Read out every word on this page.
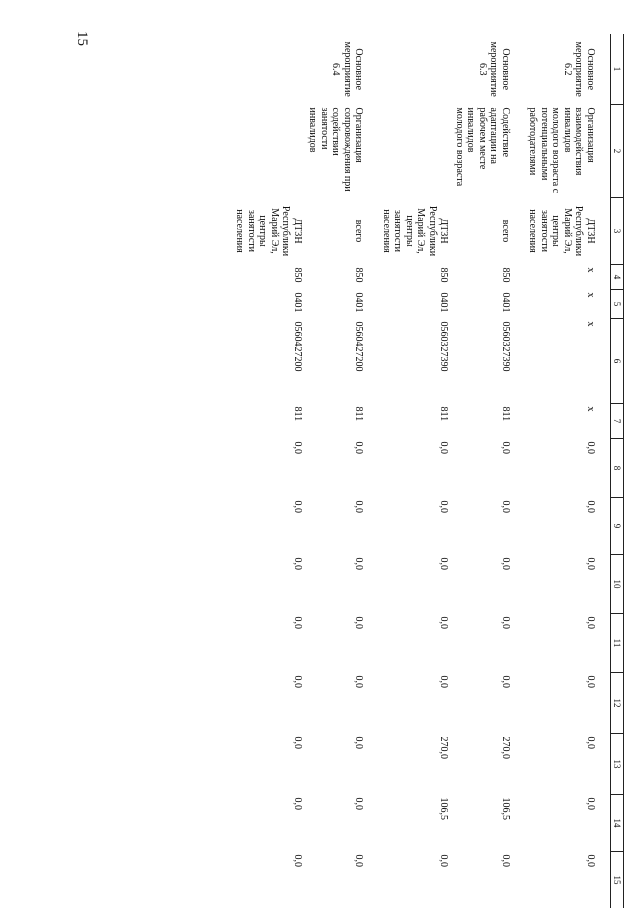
15
1	2	3	4	5	6	7	8	9	10	11	12	13	14	15
Основное мероприятие 6.2	Организация взаимодействия инвалидов молодого возраста с потенциальными работодателями	ДТЗН Республики Марий Эл, центры занятости населения	x	x	x	x	0,0	0,0	0,0	0,0	0,0	0,0	0,0	0,0
Основное мероприятие 6.3	Содействие адаптации на рабочем месте инвалидов молодого возраста	всего	850	0401	0560327390	811	0,0	0,0	0,0	0,0	0,0	270,0	106,5	0,0
		ДТЗН Республики Марий Эл, центры занятости населения	850	0401	0560327390	811	0,0	0,0	0,0	0,0	0,0	270,0	106,5	0,0
Основное мероприятие 6.4	Организация сопровождения при содействии занятости инвалидов	всего	850	0401	0560427200	811	0,0	0,0	0,0	0,0	0,0	0,0	0,0	0,0
		ДТЗН Республики Марий Эл, центры занятости населения	850	0401	0560427200	811	0,0	0,0	0,0	0,0	0,0	0,0	0,0	0,0
